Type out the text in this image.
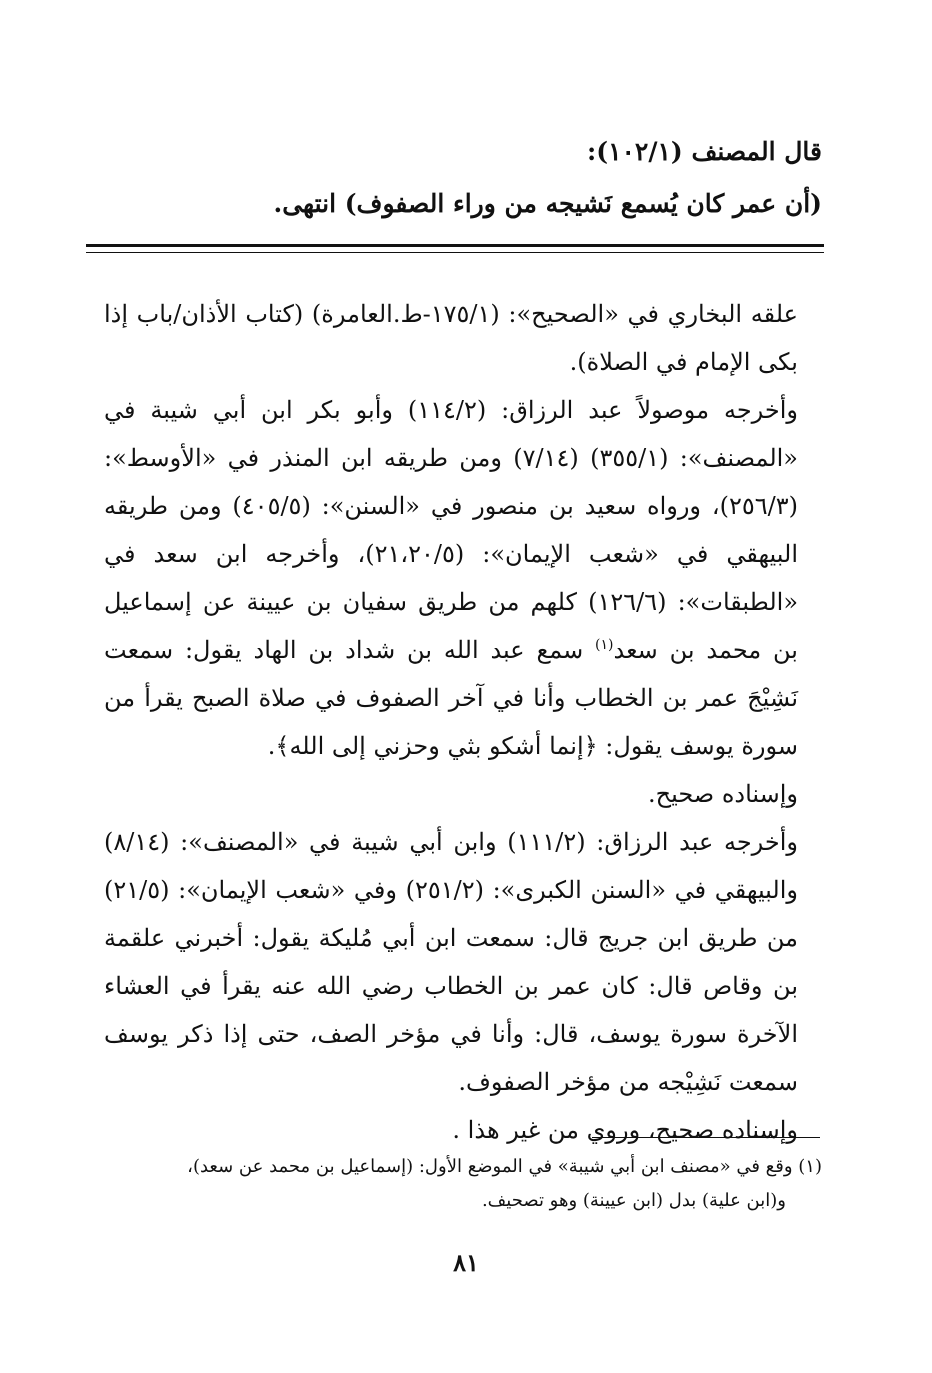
قال المصنف (١٠٢/١):
(أن عمر كان يُسمع نَشيجه من وراء الصفوف) انتهى.

علقه البخاري في «الصحيح»: (١٧٥/١-ط.العامرة) (كتاب الأذان/باب إذا بكى الإمام في الصلاة).

وأخرجه موصولاً عبد الرزاق: (١١٤/٢) وأبو بكر ابن أبي شيبة في «المصنف»: (٣٥٥/١) (٧/١٤) ومن طريقه ابن المنذر في «الأوسط»: (٢٥٦/٣)، ورواه سعيد بن منصور في «السنن»: (٤٠٥/٥) ومن طريقه البيهقي في «شعب الإيمان»: (٢١،٢٠/٥)، وأخرجه ابن سعد في «الطبقات»: (١٢٦/٦) كلهم من طريق سفيان بن عيينة عن إسماعيل بن محمد بن سعد$^{(١)}$ سمع عبد الله بن شداد بن الهاد يقول: سمعت نَشِيْجَ عمر بن الخطاب وأنا في آخر الصفوف في صلاة الصبح يقرأ من سورة يوسف يقول: ﴿إنما أشكو بثي وحزني إلى الله﴾.

وإسناده صحيح.

وأخرجه عبد الرزاق: (١١١/٢) وابن أبي شيبة في «المصنف»: (٨/١٤) والبيهقي في «السنن الكبرى»: (٢٥١/٢) وفي «شعب الإيمان»: (٢١/٥) من طريق ابن جريج قال: سمعت ابن أبي مُليكة يقول: أخبرني علقمة بن وقاص قال: كان عمر بن الخطاب رضي الله عنه يقرأ في العشاء الآخرة سورة يوسف، قال: وأنا في مؤخر الصف، حتى إذا ذكر يوسف سمعت نَشِيْجه من مؤخر الصفوف.

وإسناده صحيح، وروي من غير هذا .

(١) وقع في «مصنف ابن أبي شيبة» في الموضع الأول: (إسماعيل بن محمد عن سعد)،

و(ابن علية) بدل (ابن عيينة) وهو تصحيف.

٨١
